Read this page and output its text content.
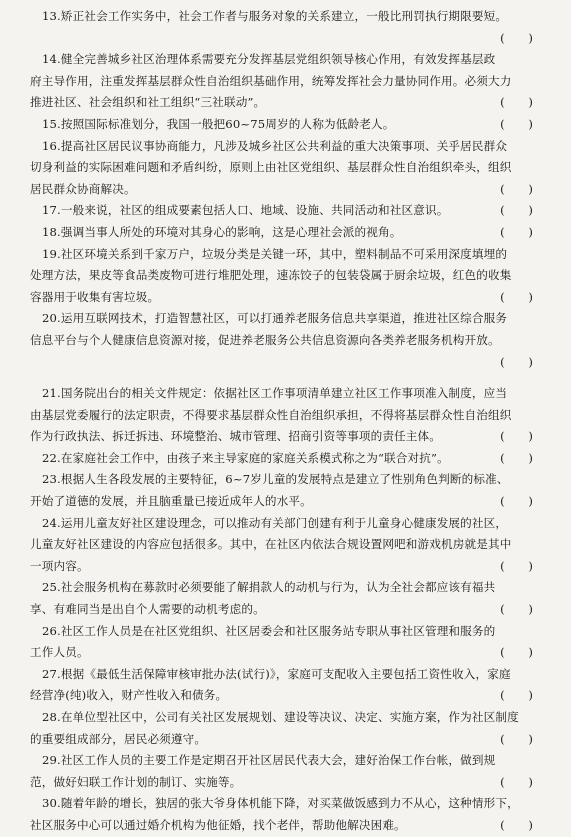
13.矫正社会工作实务中，社会工作者与服务对象的关系建立，一般比刑罚执行期限要短。

(　　)

14.健全完善城乡社区治理体系需要充分发挥基层党组织领导核心作用，有效发挥基层政

府主导作用，注重发挥基层群众性自治组织基础作用，统筹发挥社会力量协同作用。必须大力

(　　)
推进社区、社会组织和社工组织“三社联动”。

(　　)
15.按照国际标准划分，我国一般把60~75周岁的人称为低龄老人。

16.提高社区居民议事协商能力，凡涉及城乡社区公共利益的重大决策事项、关乎居民群众

切身利益的实际困难问题和矛盾纠纷，原则上由社区党组织、基层群众性自治组织牵头，组织

(　　)
居民群众协商解决。

(　　)
17.一般来说，社区的组成要素包括人口、地域、设施、共同活动和社区意识。

(　　)
18.强调当事人所处的环境对其身心的影响，这是心理社会派的视角。

19.社区环境关系到千家万户，垃圾分类是关键一环，其中，塑料制品不可采用深度填埋的

处理方法，果皮等食品类废物可进行堆肥处理，速冻饺子的包装袋属于厨余垃圾，红色的收集

(　　)
容器用于收集有害垃圾。

20.运用互联网技术，打造智慧社区，可以打通养老服务信息共享渠道，推进社区综合服务

信息平台与个人健康信息资源对接，促进养老服务公共信息资源向各类养老服务机构开放。

(　　)

21.国务院出台的相关文件规定：依据社区工作事项清单建立社区工作事项准入制度，应当

由基层党委履行的法定职责，不得要求基层群众性自治组织承担，不得将基层群众性自治组织

(　　)
作为行政执法、拆迁拆违、环境整治、城市管理、招商引资等事项的责任主体。

(　　)
22.在家庭社会工作中，由孩子来主导家庭的家庭关系模式称之为“联合对抗”。

23.根据人生各段发展的主要特征，6~7岁儿童的发展特点是建立了性别角色判断的标准、

(　　)
开始了道德的发展，并且脑重量已接近成年人的水平。

24.运用儿童友好社区建设理念，可以推动有关部门创建有利于儿童身心健康发展的社区，

儿童友好社区建设的内容应包括很多。其中，在社区内依法合规设置网吧和游戏机房就是其中

(　　)
一项内容。

25.社会服务机构在募款时必须要能了解捐款人的动机与行为，认为全社会都应该有福共

(　　)
享、有难同当是出自个人需要的动机考虑的。

26.社区工作人员是在社区党组织、社区居委会和社区服务站专职从事社区管理和服务的

(　　)
工作人员。

27.根据《最低生活保障审核审批办法(试行)》，家庭可支配收入主要包括工资性收入，家庭

(　　)
经营净(纯)收入，财产性收入和债务。

28.在单位型社区中，公司有关社区发展规划、建设等决议、决定、实施方案，作为社区制度

(　　)
的重要组成部分，居民必须遵守。

29.社区工作人员的主要工作是定期召开社区居民代表大会，建好治保工作台帐，做到规

(　　)
范，做好妇联工作计划的制订、实施等。

30.随着年龄的增长，独居的张大爷身体机能下降，对买菜做饭感到力不从心，这种情形下，

(　　)
社区服务中心可以通过婚介机构为他征婚，找个老伴，帮助他解决困难。
